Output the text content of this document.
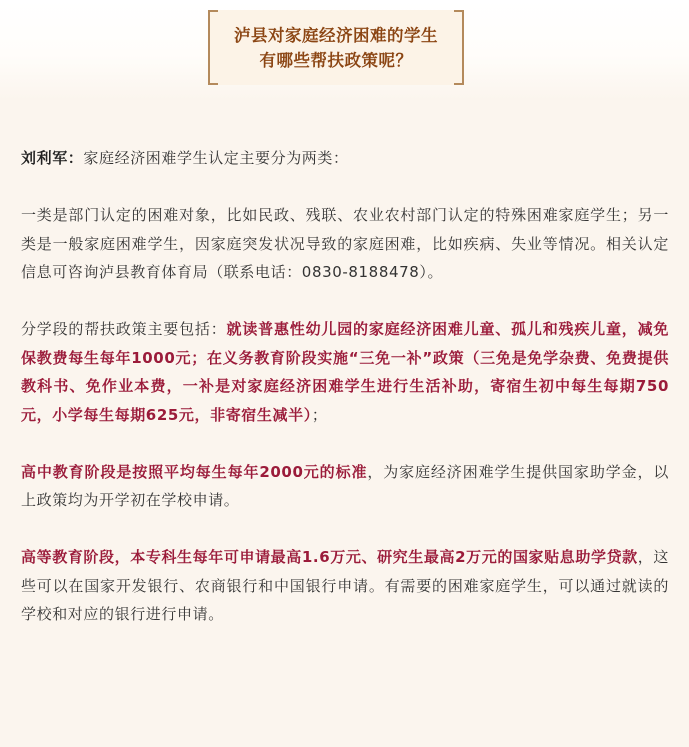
泸县对家庭经济困难的学生
有哪些帮扶政策呢？

刘利军：家庭经济困难学生认定主要分为两类：

一类是部门认定的困难对象，比如民政、残联、农业农村部门认定的特殊困难家庭学生；另一类是一般家庭困难学生，因家庭突发状况导致的家庭困难，比如疾病、失业等情况。相关认定信息可咨询泸县教育体育局（联系电话：0830-8188478）。

分学段的帮扶政策主要包括：就读普惠性幼儿园的家庭经济困难儿童、孤儿和残疾儿童，减免保教费每生每年1000元；在义务教育阶段实施“三免一补”政策（三免是免学杂费、免费提供教科书、免作业本费，一补是对家庭经济困难学生进行生活补助，寄宿生初中每生每期750元，小学每生每期625元，非寄宿生减半）；

高中教育阶段是按照平均每生每年2000元的标准，为家庭经济困难学生提供国家助学金，以上政策均为开学初在学校申请。

高等教育阶段，本专科生每年可申请最高1.6万元、研究生最高2万元的国家贴息助学贷款，这些可以在国家开发银行、农商银行和中国银行申请。有需要的困难家庭学生，可以通过就读的学校和对应的银行进行申请。
